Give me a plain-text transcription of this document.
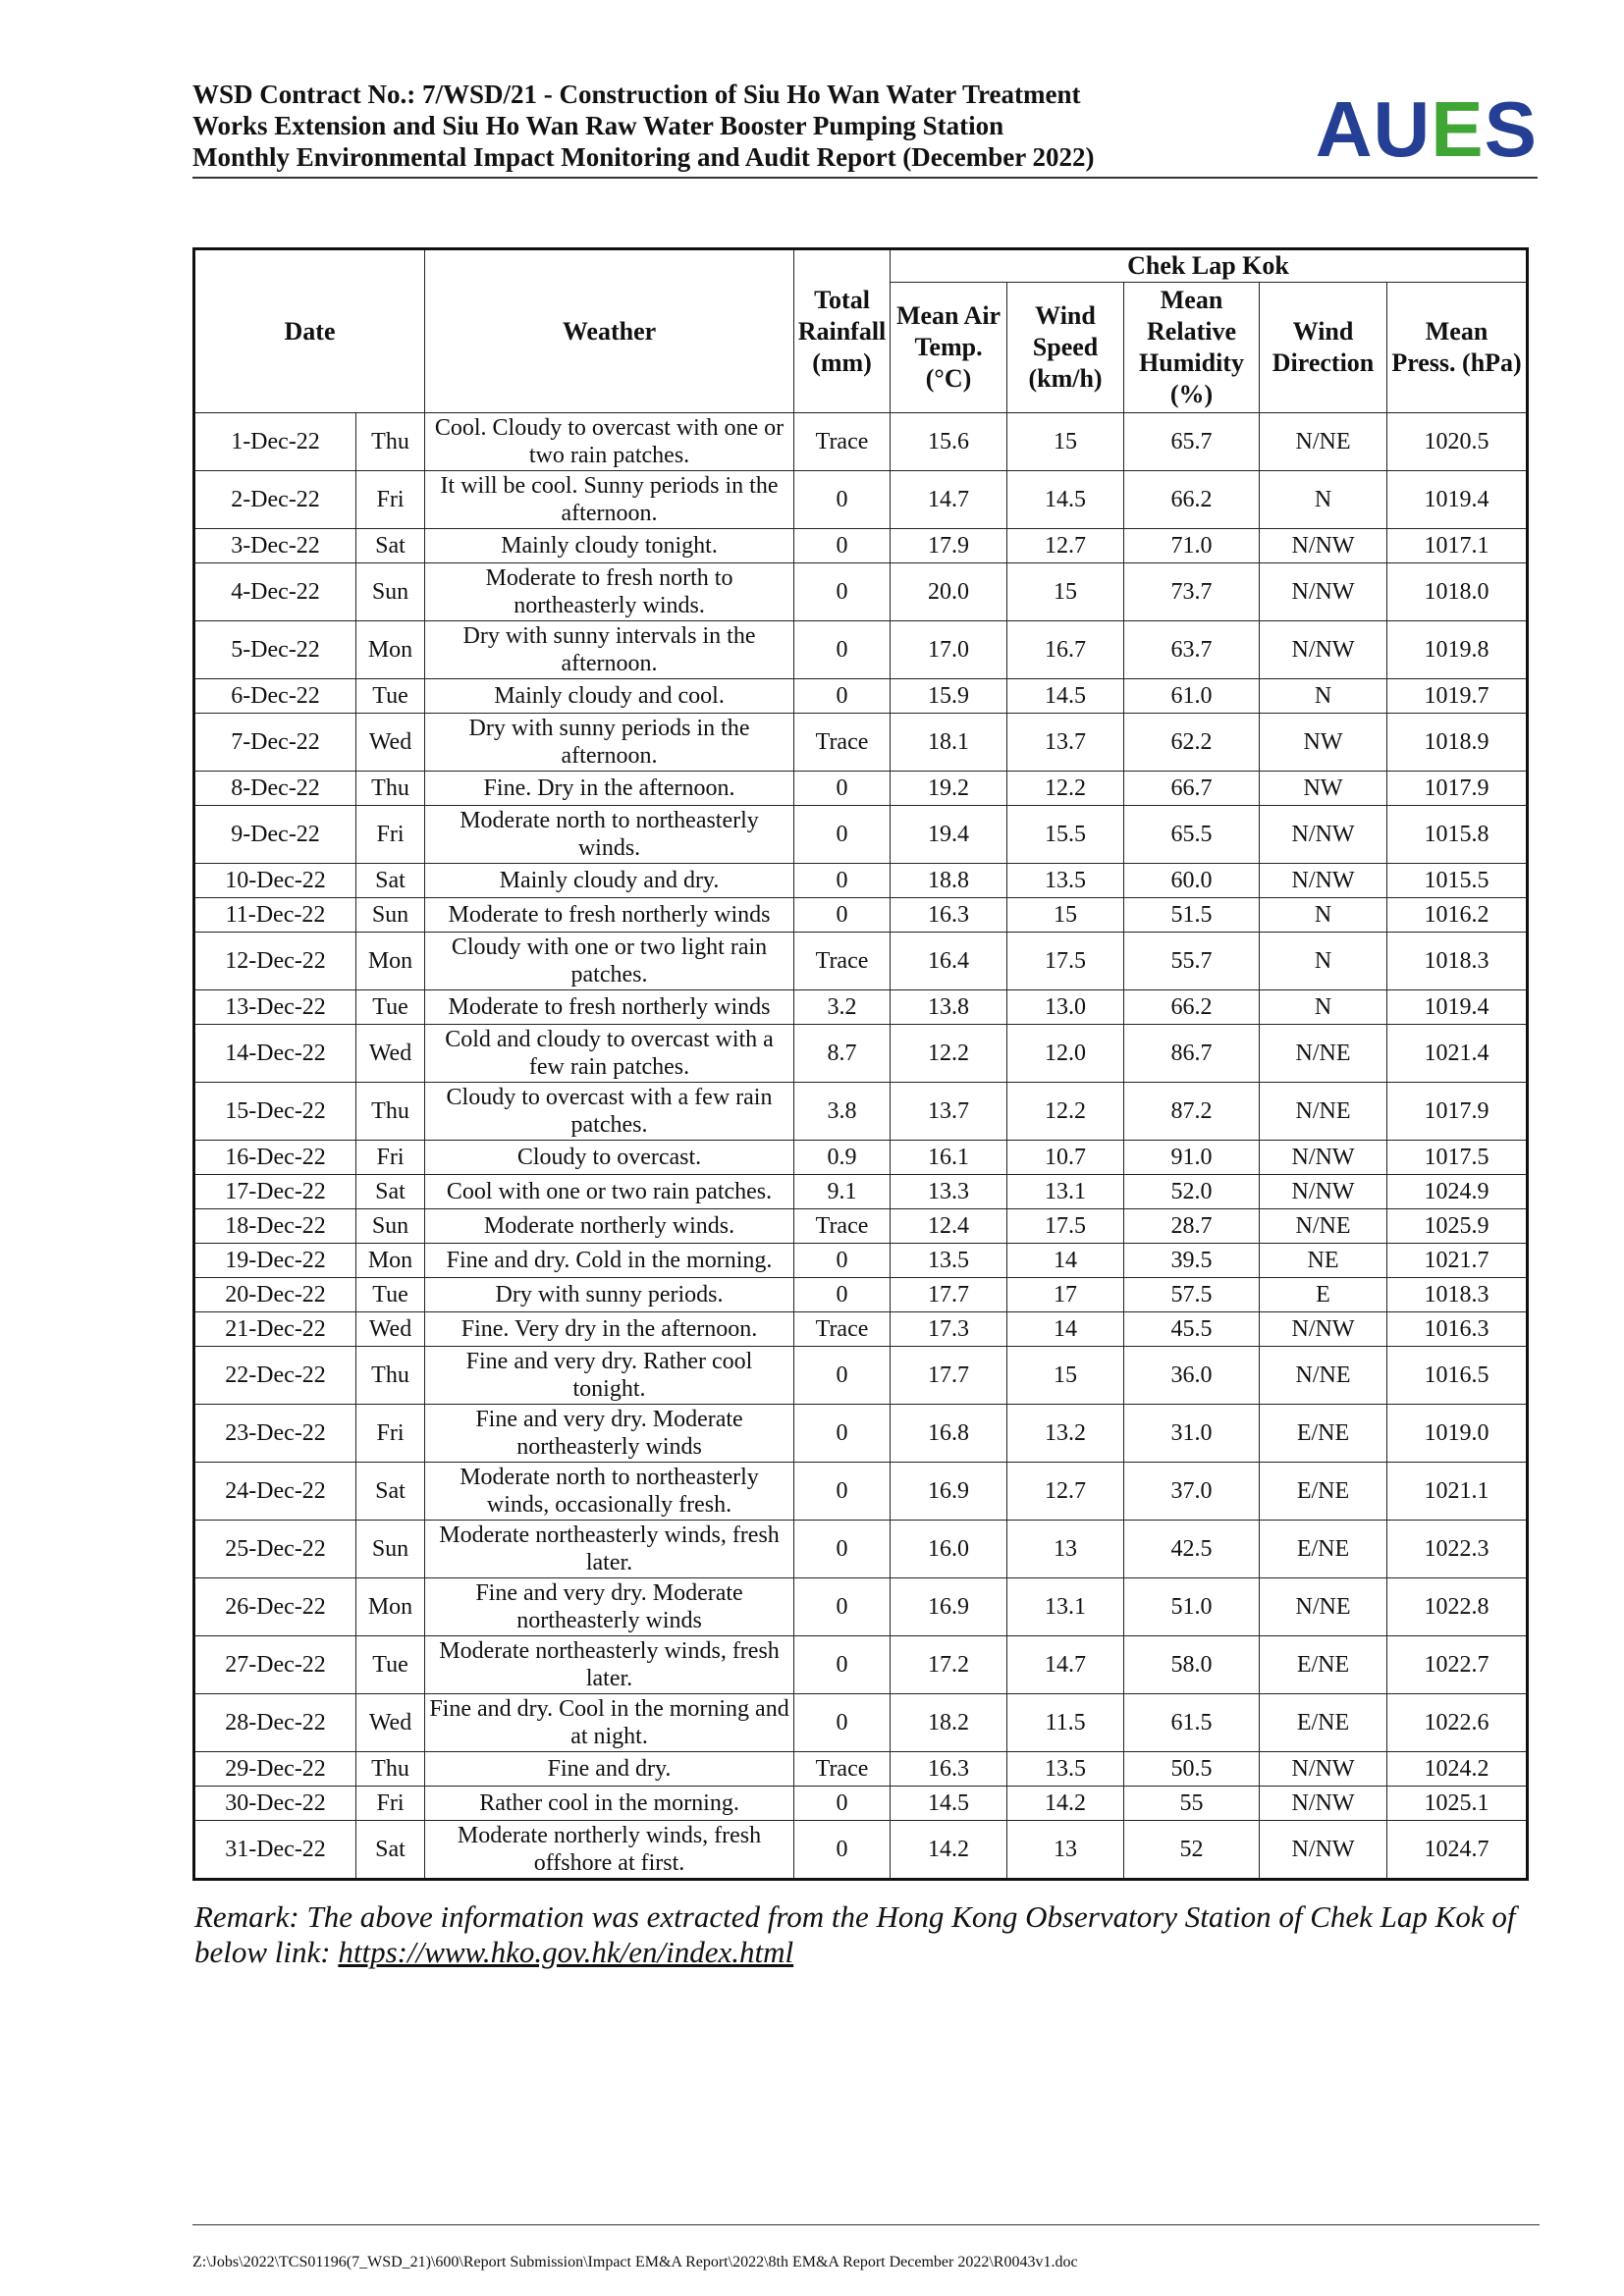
WSD Contract No.: 7/WSD/21 - Construction of Siu Ho Wan Water Treatment
Works Extension and Siu Ho Wan Raw Water Booster Pumping Station
Monthly Environmental Impact Monitoring and Audit Report (December 2022)	AUES
Date		Weather	Total Rainfall (mm)	Chek Lap Kok				
				Mean Air Temp. (°C)	Wind Speed (km/h)	Mean Relative Humidity (%)	Wind Direction	Mean Press. (hPa)
1-Dec-22	Thu	Cool. Cloudy to overcast with one or two rain patches.	Trace	15.6	15	65.7	N/NE	1020.5
2-Dec-22	Fri	It will be cool. Sunny periods in the afternoon.	0	14.7	14.5	66.2	N	1019.4
3-Dec-22	Sat	Mainly cloudy tonight.	0	17.9	12.7	71.0	N/NW	1017.1
4-Dec-22	Sun	Moderate to fresh north to northeasterly winds.	0	20.0	15	73.7	N/NW	1018.0
5-Dec-22	Mon	Dry with sunny intervals in the afternoon.	0	17.0	16.7	63.7	N/NW	1019.8
6-Dec-22	Tue	Mainly cloudy and cool.	0	15.9	14.5	61.0	N	1019.7
7-Dec-22	Wed	Dry with sunny periods in the afternoon.	Trace	18.1	13.7	62.2	NW	1018.9
8-Dec-22	Thu	Fine. Dry in the afternoon.	0	19.2	12.2	66.7	NW	1017.9
9-Dec-22	Fri	Moderate north to northeasterly winds.	0	19.4	15.5	65.5	N/NW	1015.8
10-Dec-22	Sat	Mainly cloudy and dry.	0	18.8	13.5	60.0	N/NW	1015.5
11-Dec-22	Sun	Moderate to fresh northerly winds	0	16.3	15	51.5	N	1016.2
12-Dec-22	Mon	Cloudy with one or two light rain patches.	Trace	16.4	17.5	55.7	N	1018.3
13-Dec-22	Tue	Moderate to fresh northerly winds	3.2	13.8	13.0	66.2	N	1019.4
14-Dec-22	Wed	Cold and cloudy to overcast with a few rain patches.	8.7	12.2	12.0	86.7	N/NE	1021.4
15-Dec-22	Thu	Cloudy to overcast with a few rain patches.	3.8	13.7	12.2	87.2	N/NE	1017.9
16-Dec-22	Fri	Cloudy to overcast.	0.9	16.1	10.7	91.0	N/NW	1017.5
17-Dec-22	Sat	Cool with one or two rain patches.	9.1	13.3	13.1	52.0	N/NW	1024.9
18-Dec-22	Sun	Moderate northerly winds.	Trace	12.4	17.5	28.7	N/NE	1025.9
19-Dec-22	Mon	Fine and dry. Cold in the morning.	0	13.5	14	39.5	NE	1021.7
20-Dec-22	Tue	Dry with sunny periods.	0	17.7	17	57.5	E	1018.3
21-Dec-22	Wed	Fine. Very dry in the afternoon.	Trace	17.3	14	45.5	N/NW	1016.3
22-Dec-22	Thu	Fine and very dry. Rather cool tonight.	0	17.7	15	36.0	N/NE	1016.5
23-Dec-22	Fri	Fine and very dry. Moderate northeasterly winds	0	16.8	13.2	31.0	E/NE	1019.0
24-Dec-22	Sat	Moderate north to northeasterly winds, occasionally fresh.	0	16.9	12.7	37.0	E/NE	1021.1
25-Dec-22	Sun	Moderate northeasterly winds, fresh later.	0	16.0	13	42.5	E/NE	1022.3
26-Dec-22	Mon	Fine and very dry. Moderate northeasterly winds	0	16.9	13.1	51.0	N/NE	1022.8
27-Dec-22	Tue	Moderate northeasterly winds, fresh later.	0	17.2	14.7	58.0	E/NE	1022.7
28-Dec-22	Wed	Fine and dry. Cool in the morning and at night.	0	18.2	11.5	61.5	E/NE	1022.6
29-Dec-22	Thu	Fine and dry.	Trace	16.3	13.5	50.5	N/NW	1024.2
30-Dec-22	Fri	Rather cool in the morning.	0	14.5	14.2	55	N/NW	1025.1
31-Dec-22	Sat	Moderate northerly winds, fresh offshore at first.	0	14.2	13	52	N/NW	1024.7
Remark: The above information was extracted from the Hong Kong Observatory Station of Chek Lap Kok of below link: https://www.hko.gov.hk/en/index.html
Z:\Jobs\2022\TCS01196(7_WSD_21)\600\Report Submission\Impact EM&A Report\2022\8th EM&A Report December 2022\R0043v1.doc
